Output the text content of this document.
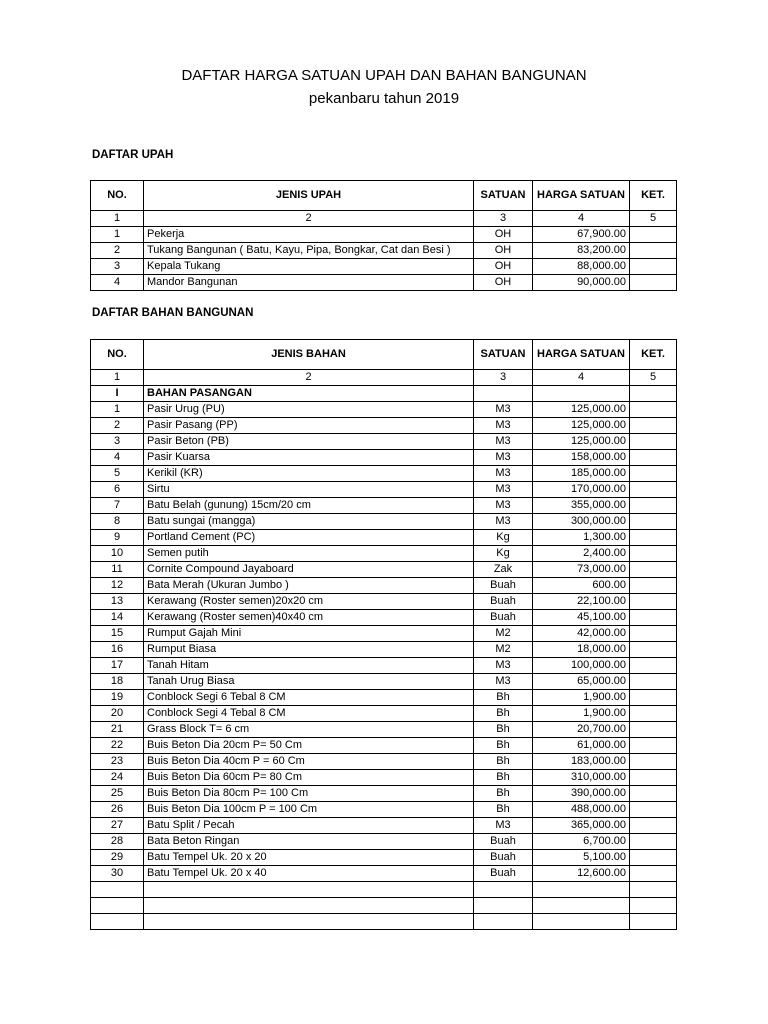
DAFTAR HARGA SATUAN UPAH DAN BAHAN BANGUNAN
pekanbaru tahun 2019
DAFTAR UPAH
NO.	JENIS UPAH	SATUAN	HARGA SATUAN	KET.
1	2	3	4	5
1	Pekerja	OH	67,900.00	
2	Tukang Bangunan ( Batu, Kayu, Pipa, Bongkar, Cat dan Besi )	OH	83,200.00	
3	Kepala Tukang	OH	88,000.00	
4	Mandor Bangunan	OH	90,000.00	
DAFTAR BAHAN BANGUNAN
NO.	JENIS BAHAN	SATUAN	HARGA SATUAN	KET.
1	2	3	4	5
I	BAHAN PASANGAN			
1	Pasir Urug (PU)	M3	125,000.00	
2	Pasir Pasang (PP)	M3	125,000.00	
3	Pasir Beton (PB)	M3	125,000.00	
4	Pasir Kuarsa	M3	158,000.00	
5	Kerikil (KR)	M3	185,000.00	
6	Sirtu	M3	170,000.00	
7	Batu Belah (gunung) 15cm/20 cm	M3	355,000.00	
8	Batu sungai (mangga)	M3	300,000.00	
9	Portland Cement (PC)	Kg	1,300.00	
10	Semen putih	Kg	2,400.00	
11	Cornite Compound Jayaboard	Zak	73,000.00	
12	Bata Merah (Ukuran Jumbo )	Buah	600.00	
13	Kerawang (Roster semen)20x20 cm	Buah	22,100.00	
14	Kerawang (Roster semen)40x40 cm	Buah	45,100.00	
15	Rumput Gajah Mini	M2	42,000.00	
16	Rumput Biasa	M2	18,000.00	
17	Tanah Hitam	M3	100,000.00	
18	Tanah Urug Biasa	M3	65,000.00	
19	Conblock Segi 6 Tebal 8 CM	Bh	1,900.00	
20	Conblock Segi 4 Tebal 8 CM	Bh	1,900.00	
21	Grass Block T= 6 cm	Bh	20,700.00	
22	Buis Beton Dia 20cm P= 50 Cm	Bh	61,000.00	
23	Buis Beton Dia 40cm P = 60 Cm	Bh	183,000.00	
24	Buis Beton Dia 60cm P= 80 Cm	Bh	310,000.00	
25	Buis Beton Dia 80cm P= 100 Cm	Bh	390,000.00	
26	Buis Beton Dia 100cm P = 100 Cm	Bh	488,000.00	
27	Batu Split / Pecah	M3	365,000.00	
28	Bata Beton Ringan	Buah	6,700.00	
29	Batu Tempel Uk. 20 x 20	Buah	5,100.00	
30	Batu Tempel Uk. 20 x 40	Buah	12,600.00	
